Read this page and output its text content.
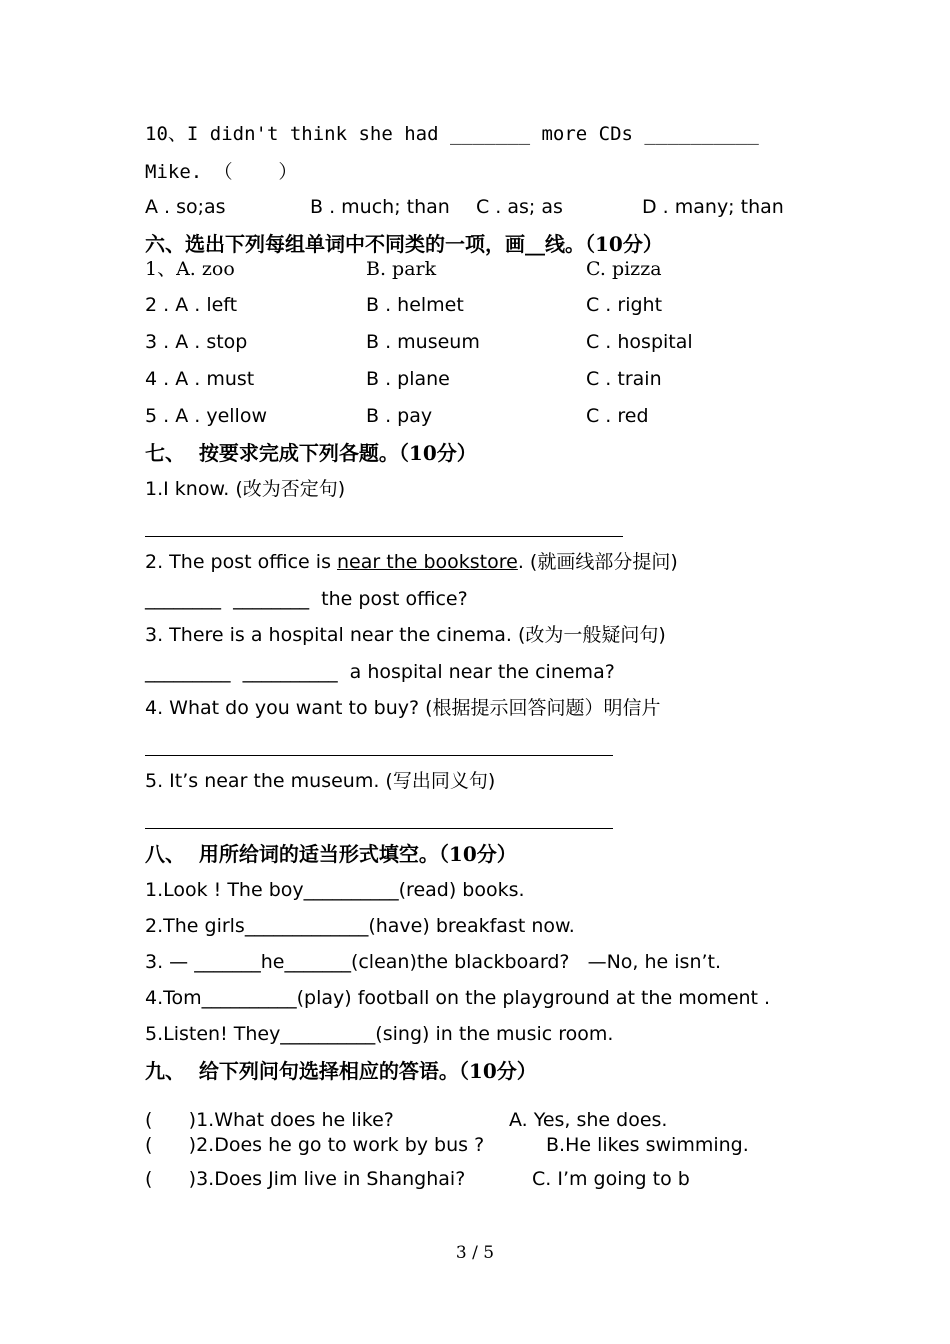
10、I didn't think she had _______ more CDs __________
Mike. （    ）
A . so;as	B . much; than C . as; as	D . many; than
六、选出下列每组单词中不同类的一项，画__线。（10分）
1、A. zoo	B. park	C. pizza
2 . A . left	B . helmet	C . right
3 . A . stop	B . museum	C . hospital
4 . A . must	B . plane	C . train
5 . A . yellow	B . pay	C . red
七、  按要求完成下列各题。（10分）
1.I know. (改为否定句)
2. The post office is near the bookstore. (就画线部分提问)
________  ________  the post office?
3. There is a hospital near the cinema. (改为一般疑问句)
_________  __________  a hospital near the cinema?
4. What do you want to buy? (根据提示回答问题）明信片
5. It’s near the museum. (写出同义句)
八、  用所给词的适当形式填空。（10分）
1.Look ! The boy__________(read) books.
2.The girls_____________(have) breakfast now.
3. — _______he_______(clean)the blackboard?   —No, he isn’t.
4.Tom__________(play) football on the playground at the moment .
5.Listen! They__________(sing) in the music room.
九、  给下列问句选择相应的答语。（10分）
(      )1.What does he like?	A. Yes, she does.
(      )2.Does he go to work by bus ?	B.He likes swimming.
(      )3.Does Jim live in Shanghai?	C. I’m going to b
3 / 5
